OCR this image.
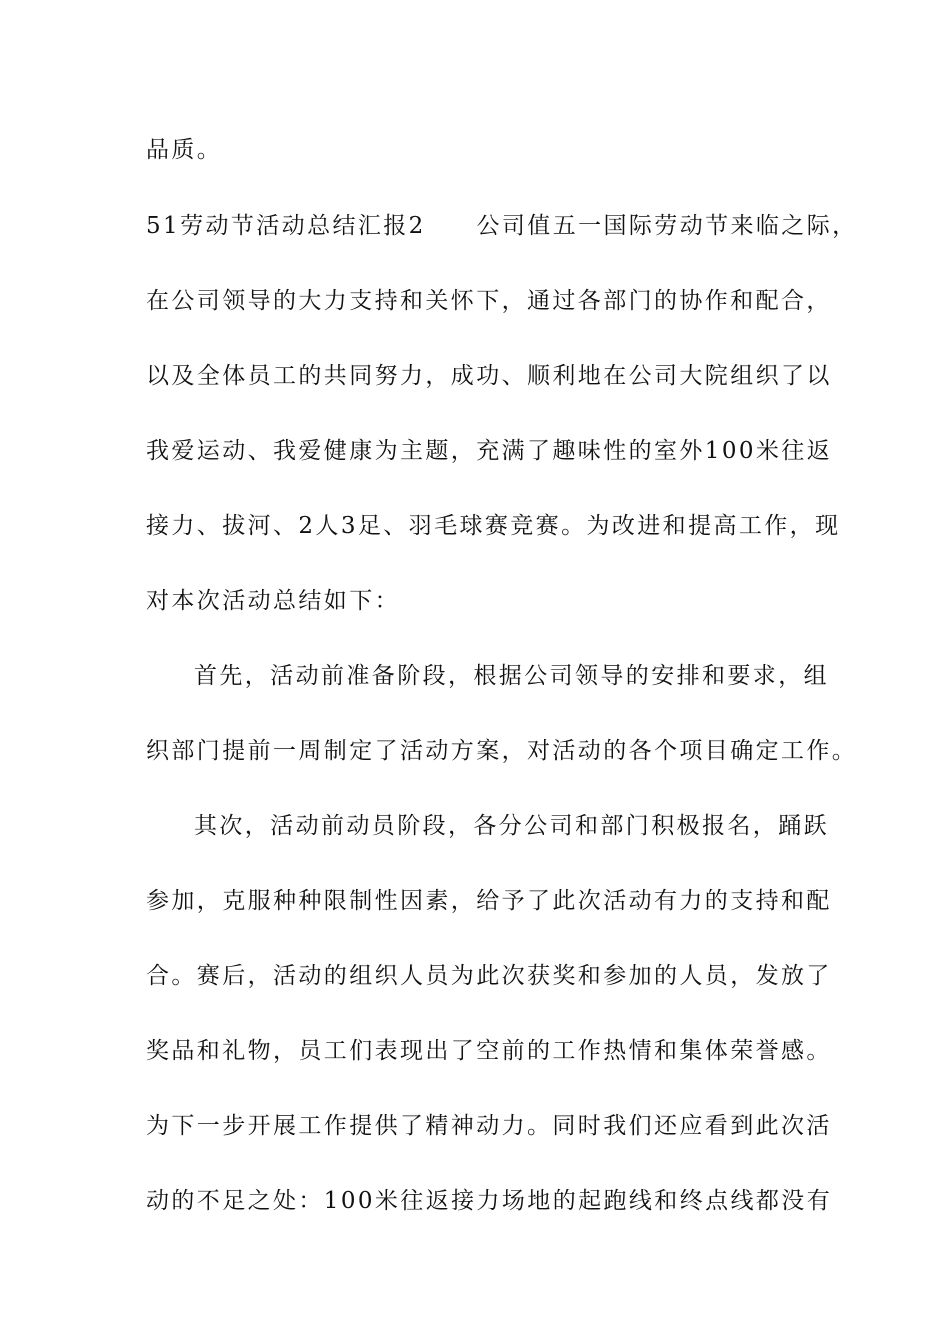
品质。
51劳动节活动总结汇报2　　公司值五一国际劳动节来临之际，
在公司领导的大力支持和关怀下，通过各部门的协作和配合，
以及全体员工的共同努力，成功、顺利地在公司大院组织了以
我爱运动、我爱健康为主题，充满了趣味性的室外100米往返
接力、拔河、2人3足、羽毛球赛竞赛。为改进和提高工作，现
对本次活动总结如下：
首先，活动前准备阶段，根据公司领导的安排和要求，组
织部门提前一周制定了活动方案，对活动的各个项目确定工作。
其次，活动前动员阶段，各分公司和部门积极报名，踊跃
参加，克服种种限制性因素，给予了此次活动有力的支持和配
合。赛后，活动的组织人员为此次获奖和参加的人员，发放了
奖品和礼物，员工们表现出了空前的工作热情和集体荣誉感。
为下一步开展工作提供了精神动力。同时我们还应看到此次活
动的不足之处：100米往返接力场地的起跑线和终点线都没有
